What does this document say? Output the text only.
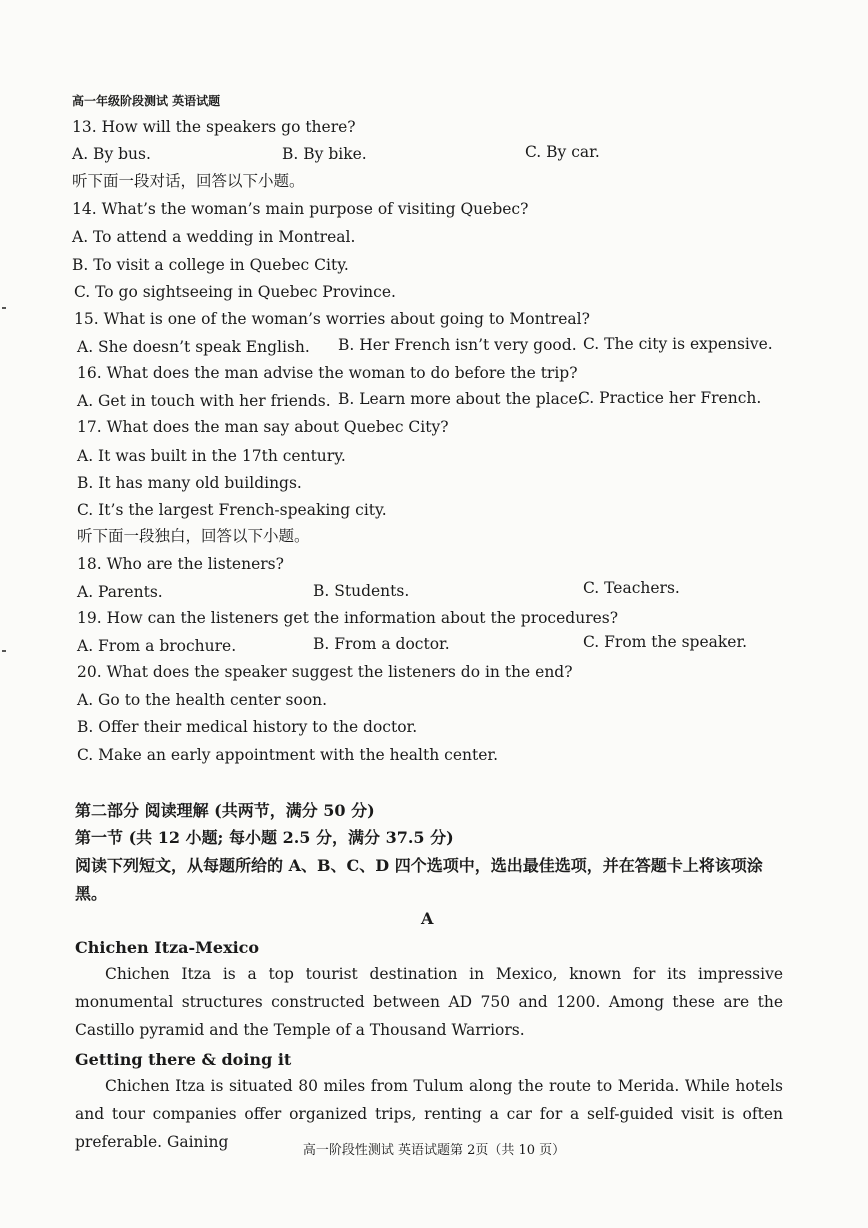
高一年级阶段测试 英语试题
13. How will the speakers go there?
A. By bus.	B. By bike.	C. By car.
听下面一段对话，回答以下小题。
14. What’s the woman’s main purpose of visiting Quebec?
A. To attend a wedding in Montreal.
B. To visit a college in Quebec City.
C. To go sightseeing in Quebec Province.
15. What is one of the woman’s worries about going to Montreal?
A. She doesn’t speak English. B. Her French isn’t very good. C. The city is expensive.
16. What does the man advise the woman to do before the trip?
A. Get in touch with her friends. B. Learn more about the place.
C. Practice her French.
17. What does the man say about Quebec City?
A. It was built in the 17th century.
B. It has many old buildings.
C. It’s the largest French-speaking city.
听下面一段独白，回答以下小题。
18. Who are the listeners?
A. Parents.	B. Students.	C. Teachers.
19. How can the listeners get the information about the procedures?
A. From a brochure.	B. From a doctor.	C. From the speaker.
20. What does the speaker suggest the listeners do in the end?
A. Go to the health center soon.
B. Offer their medical history to the doctor.
C. Make an early appointment with the health center.
第二部分 阅读理解 (共两节，满分 50 分)
第一节 (共 12 小题; 每小题 2.5 分，满分 37.5 分)
阅读下列短文，从每题所给的 A、B、C、D 四个选项中，选出最佳选项，并在答题卡上将该项涂黑。
A
Chichen Itza-Mexico
Chichen Itza is a top tourist destination in Mexico, known for its impressive monumental structures constructed between AD 750 and 1200. Among these are the Castillo pyramid and the Temple of a Thousand Warriors.
Getting there & doing it
Chichen Itza is situated 80 miles from Tulum along the route to Merida. While hotels and tour companies offer organized trips, renting a car for a self-guided visit is often preferable. Gaining	高一阶段性测试 英语试题第 2页（共 10 页）
